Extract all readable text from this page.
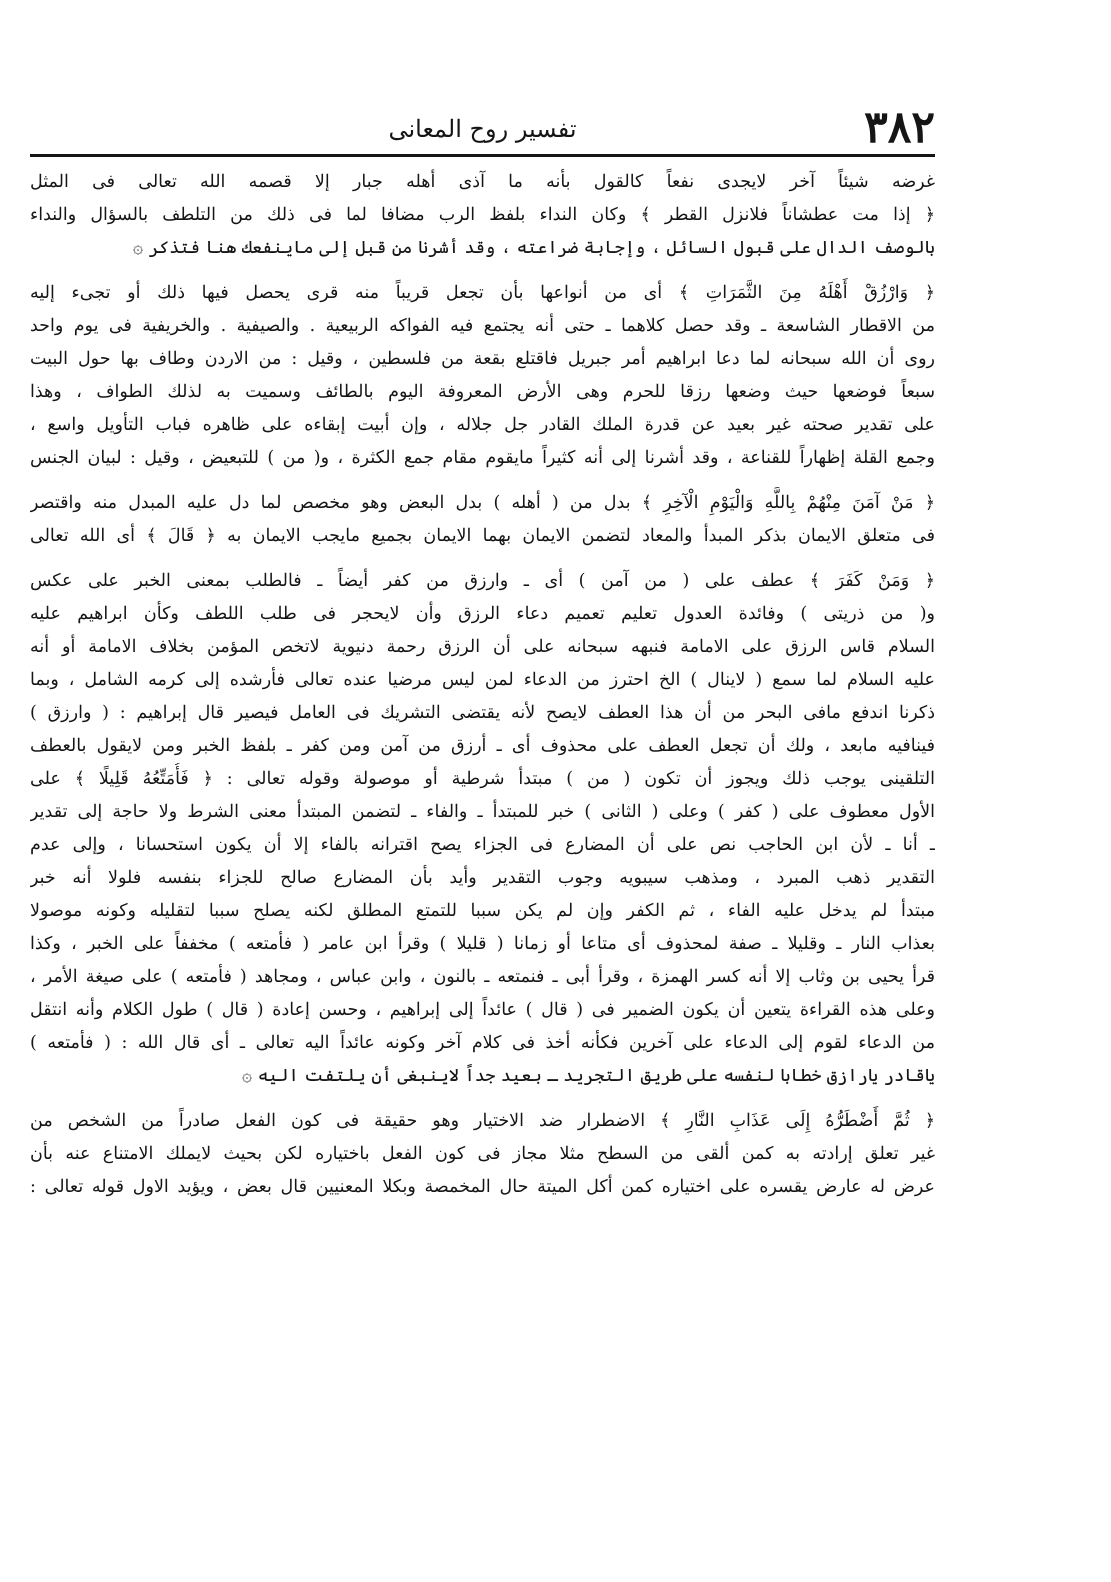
٣٨٢
تفسير روح المعانى
غرضه شيئاً آخر لايجدى نفعاً كالقول بأنه ما آذى أهله جبار إلا قصمه الله تعالى فى المثل
﴿ إذا مت عطشاناً فلانزل القطر ﴾ وكان النداء بلفظ الرب مضافا لما فى ذلك من التلطف بالسؤال والنداء
بالوصف الدال على قبول السائل ، وإجابة ضراعته ، وقد أشرنا من قبل إلى ماينفعك هنا فتذكر ۞
﴿ وَارْزُقْ أَهْلَهُ مِنَ الثَّمَرَاتِ ﴾ أى من أنواعها بأن تجعل قريباً منه قرى يحصل فيها ذلك أو تجىء إليه
من الاقطار الشاسعة ـ وقد حصل كلاهما ـ حتى أنه يجتمع فيه الفواكه الربيعية . والصيفية . والخريفية فى يوم واحد
روى أن الله سبحانه لما دعا ابراهيم أمر جبريل فاقتلع بقعة من فلسطين ، وقيل : من الاردن وطاف بها حول البيت
سبعاً فوضعها حيث وضعها رزقا للحرم وهى الأرض المعروفة اليوم بالطائف وسميت به لذلك الطواف ، وهذا
على تقدير صحته غير بعيد عن قدرة الملك القادر جل جلاله ، وإن أبيت إبقاءه على ظاهره فباب التأويل واسع ،
وجمع القلة إظهاراً للقناعة ، وقد أشرنا إلى أنه كثيراً مايقوم مقام جمع الكثرة ، و( من ) للتبعيض ، وقيل : لبيان الجنس
﴿ مَنْ آمَنَ مِنْهُمْ بِاللَّهِ وَالْيَوْمِ الْآخِرِ ﴾ بدل من ( أهله ) بدل البعض وهو مخصص لما دل عليه المبدل منه واقتصر
فى متعلق الايمان بذكر المبدأ والمعاد لتضمن الايمان بهما الايمان بجميع مايجب الايمان به ﴿ قَالَ ﴾ أى الله تعالى
﴿ وَمَنْ كَفَرَ ﴾ عطف على ( من آمن ) أى ـ وارزق من كفر أيضاً ـ فالطلب بمعنى الخبر على عكس
و( من ذريتى ) وفائدة العدول تعليم تعميم دعاء الرزق وأن لايحجر فى طلب اللطف وكأن ابراهيم عليه
السلام قاس الرزق على الامامة فنبهه سبحانه على أن الرزق رحمة دنيوية لاتخص المؤمن بخلاف الامامة أو أنه
عليه السلام لما سمع ( لاينال ) الخ احترز من الدعاء لمن ليس مرضيا عنده تعالى فأرشده إلى كرمه الشامل ، وبما
ذكرنا اندفع مافى البحر من أن هذا العطف لايصح لأنه يقتضى التشريك فى العامل فيصير قال إبراهيم : ( وارزق )
فينافيه مابعد ، ولك أن تجعل العطف على محذوف أى ـ أرزق من آمن ومن كفر ـ بلفظ الخبر ومن لايقول بالعطف
التلقينى يوجب ذلك ويجوز أن تكون ( من ) مبتدأ شرطية أو موصولة وقوله تعالى : ﴿ فَأُمَتِّعُهُ قَلِيلًا ﴾ على
الأول معطوف على ( كفر ) وعلى ( الثانى ) خبر للمبتدأ ـ والفاء ـ لتضمن المبتدأ معنى الشرط ولا حاجة إلى تقدير
ـ أنا ـ لأن ابن الحاجب نص على أن المضارع فى الجزاء يصح اقترانه بالفاء إلا أن يكون استحسانا ، وإلى عدم
التقدير ذهب المبرد ، ومذهب سيبويه وجوب التقدير وأيد بأن المضارع صالح للجزاء بنفسه فلولا أنه خبر
مبتدأ لم يدخل عليه الفاء ، ثم الكفر وإن لم يكن سببا للتمتع المطلق لكنه يصلح سببا لتقليله وكونه موصولا
بعذاب النار ـ وقليلا ـ صفة لمحذوف أى متاعا أو زمانا ( قليلا ) وقرأ ابن عامر ( فأمتعه ) مخففاً على الخبر ، وكذا
قرأ يحيى بن وثاب إلا أنه كسر الهمزة ، وقرأ أبى ـ فنمتعه ـ بالنون ، وابن عباس ، ومجاهد ( فأمتعه ) على صيغة الأمر ،
وعلى هذه القراءة يتعين أن يكون الضمير فى ( قال ) عائداً إلى إبراهيم ، وحسن إعادة ( قال ) طول الكلام وأنه انتقل
من الدعاء لقوم إلى الدعاء على آخرين فكأنه أخذ فى كلام آخر وكونه عائداً اليه تعالى ـ أى قال الله : ( فأمتعه )
ياقادر يارازق خطابا لنفسه على طريق التجريد ـ بعيد جداً لاينبغى أن يلتفت اليه ۞
﴿ ثُمَّ أَضْطَرُّهُ إِلَى عَذَابِ النَّارِ ﴾ الاضطرار ضد الاختيار وهو حقيقة فى كون الفعل صادراً من الشخص من
غير تعلق إرادته به كمن ألقى من السطح مثلا مجاز فى كون الفعل باختياره لكن بحيث لايملك الامتناع عنه بأن
عرض له عارض يقسره على اختياره كمن أكل الميتة حال المخمصة وبكلا المعنيين قال بعض ، ويؤيد الاول قوله تعالى :
